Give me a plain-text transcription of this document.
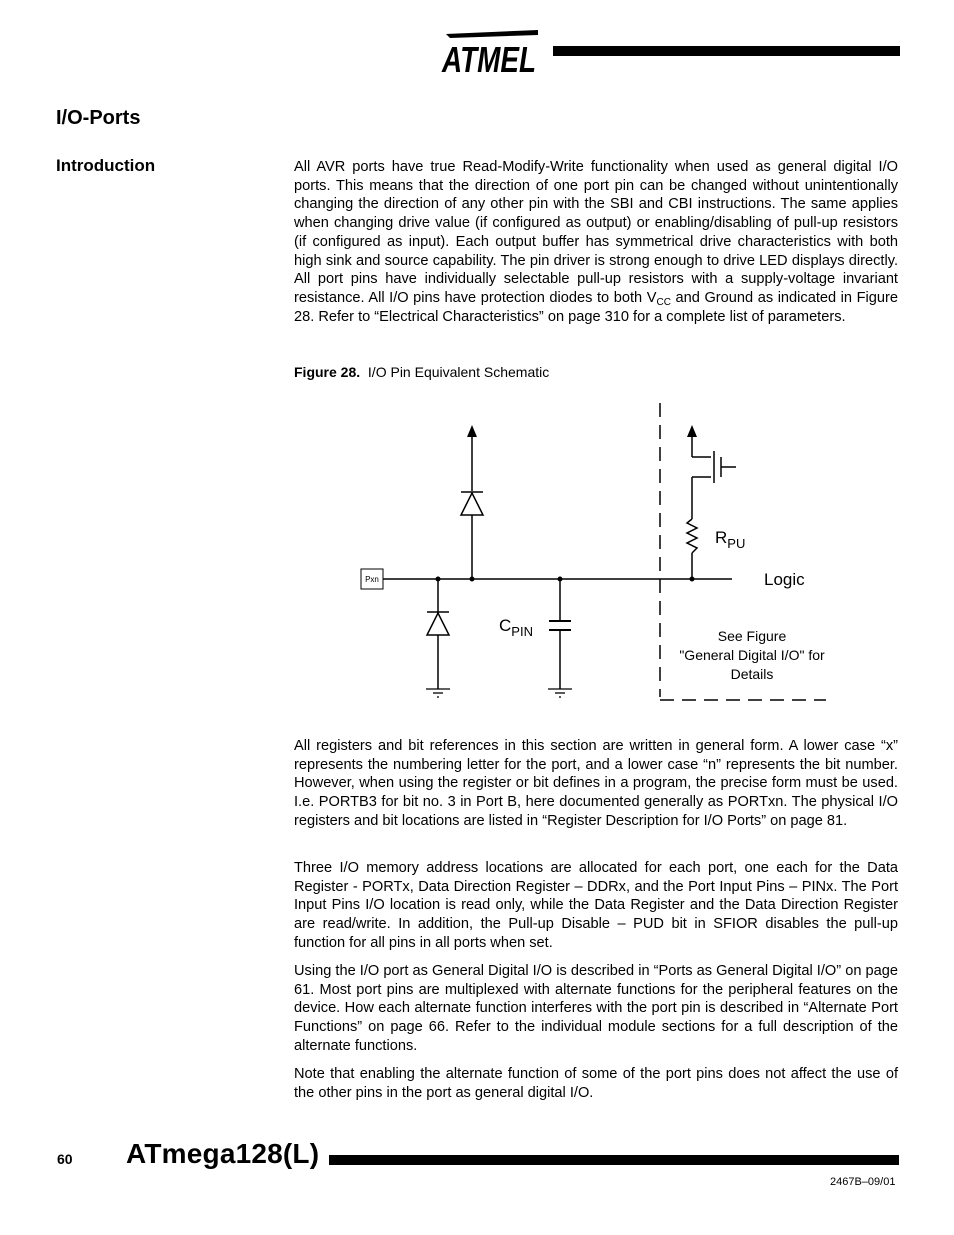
ATMEL
I/O-Ports
Introduction	All AVR ports have true Read-Modify-Write functionality when used as general digital I/O ports. This means that the direction of one port pin can be changed without unintentionally changing the direction of any other pin with the SBI and CBI instructions. The same applies when changing drive value (if configured as output) or enabling/disabling of pull-up resistors (if configured as input). Each output buffer has symmetrical drive characteristics with both high sink and source capability. The pin driver is strong enough to drive LED displays directly. All port pins have individually selectable pull-up resistors with a supply-voltage invariant resistance. All I/O pins have protection diodes to both $V_{CC}$ and Ground as indicated in Figure 28. Refer to “Electrical Characteristics” on page 310 for a complete list of parameters.

Figure 28. I/O Pin Equivalent Schematic

Pxn
$C_{PIN}$
$R_{PU}$
Logic
See Figure
"General Digital I/O" for
Details

All registers and bit references in this section are written in general form. A lower case “x” represents the numbering letter for the port, and a lower case “n” represents the bit number. However, when using the register or bit defines in a program, the precise form must be used. I.e. PORTB3 for bit no. 3 in Port B, here documented generally as PORTxn. The physical I/O registers and bit locations are listed in “Register Description for I/O Ports” on page 81.

Three I/O memory address locations are allocated for each port, one each for the Data Register - PORTx, Data Direction Register – DDRx, and the Port Input Pins – PINx. The Port Input Pins I/O location is read only, while the Data Register and the Data Direction Register are read/write. In addition, the Pull-up Disable – PUD bit in SFIOR disables the pull-up function for all pins in all ports when set.

Using the I/O port as General Digital I/O is described in “Ports as General Digital I/O” on page 61. Most port pins are multiplexed with alternate functions for the peripheral features on the device. How each alternate function interferes with the port pin is described in “Alternate Port Functions” on page 66. Refer to the individual module sections for a full description of the alternate functions.

Note that enabling the alternate function of some of the port pins does not affect the use of the other pins in the port as general digital I/O.

60 ATmega128(L)
2467B–09/01
